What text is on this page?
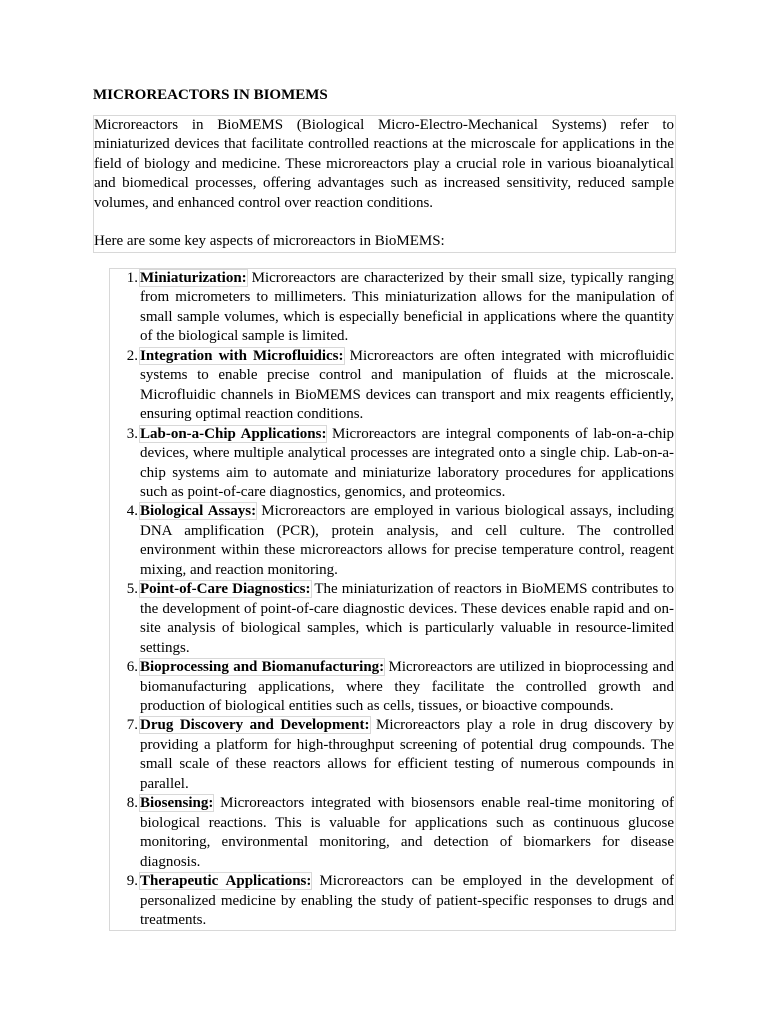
MICROREACTORS IN BIOMEMS

Microreactors in BioMEMS (Biological Micro-Electro-Mechanical Systems) refer to miniaturized devices that facilitate controlled reactions at the microscale for applications in the field of biology and medicine. These microreactors play a crucial role in various bioanalytical and biomedical processes, offering advantages such as increased sensitivity, reduced sample volumes, and enhanced control over reaction conditions.

Here are some key aspects of microreactors in BioMEMS:

1. Miniaturization: Microreactors are characterized by their small size, typically ranging from micrometers to millimeters. This miniaturization allows for the manipulation of small sample volumes, which is especially beneficial in applications where the quantity of the biological sample is limited.
2. Integration with Microfluidics: Microreactors are often integrated with microfluidic systems to enable precise control and manipulation of fluids at the microscale. Microfluidic channels in BioMEMS devices can transport and mix reagents efficiently, ensuring optimal reaction conditions.
3. Lab-on-a-Chip Applications: Microreactors are integral components of lab-on-a-chip devices, where multiple analytical processes are integrated onto a single chip. Lab-on-a-chip systems aim to automate and miniaturize laboratory procedures for applications such as point-of-care diagnostics, genomics, and proteomics.
4. Biological Assays: Microreactors are employed in various biological assays, including DNA amplification (PCR), protein analysis, and cell culture. The controlled environment within these microreactors allows for precise temperature control, reagent mixing, and reaction monitoring.
5. Point-of-Care Diagnostics: The miniaturization of reactors in BioMEMS contributes to the development of point-of-care diagnostic devices. These devices enable rapid and on-site analysis of biological samples, which is particularly valuable in resource-limited settings.
6. Bioprocessing and Biomanufacturing: Microreactors are utilized in bioprocessing and biomanufacturing applications, where they facilitate the controlled growth and production of biological entities such as cells, tissues, or bioactive compounds.
7. Drug Discovery and Development: Microreactors play a role in drug discovery by providing a platform for high-throughput screening of potential drug compounds. The small scale of these reactors allows for efficient testing of numerous compounds in parallel.
8. Biosensing: Microreactors integrated with biosensors enable real-time monitoring of biological reactions. This is valuable for applications such as continuous glucose monitoring, environmental monitoring, and detection of biomarkers for disease diagnosis.
9. Therapeutic Applications: Microreactors can be employed in the development of personalized medicine by enabling the study of patient-specific responses to drugs and treatments.
